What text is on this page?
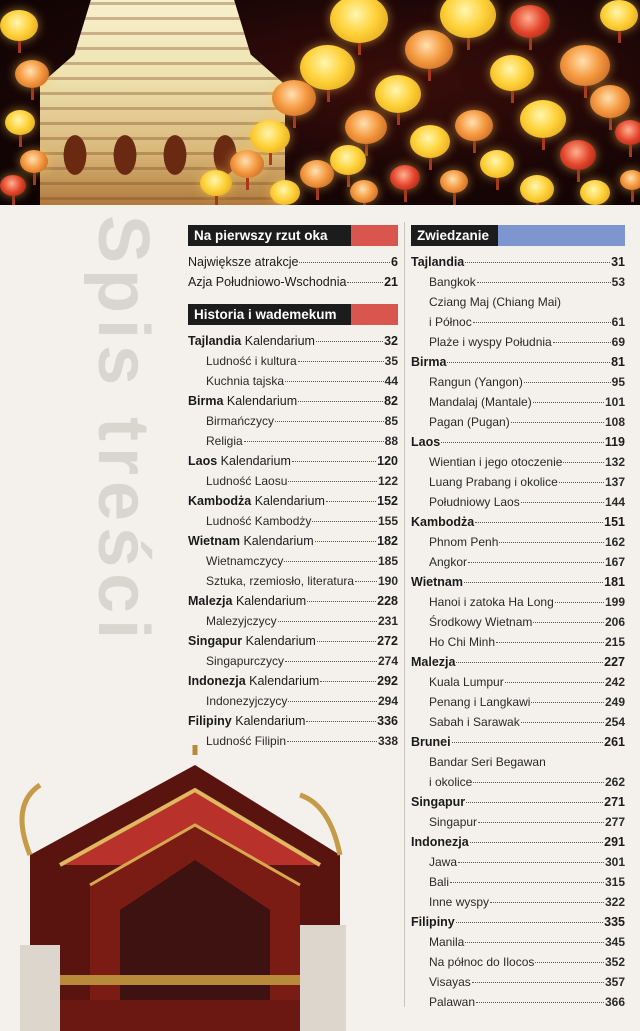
Spis treści	Na pierwszy rzut oka
Największe atrakcje	6
Azja Południowo-Wschodnia	21
Historia i wademekum
Tajlandia Kalendarium	32
Ludność i kultura	35
Kuchnia tajska	44
Birma Kalendarium	82
Birmańczycy	85
Religia	88
Laos Kalendarium	120
Ludność Laosu	122
Kambodża Kalendarium	152
Ludność Kambodży	155
Wietnam Kalendarium	182
Wietnamczycy	185
Sztuka, rzemiosło, literatura 190
Malezja Kalendarium	228
Malezyjczycy	231
Singapur Kalendarium	272
Singapurczycy	274
Indonezja Kalendarium	292
Indonezyjczycy	294
Filipiny Kalendarium	336
Ludność Filipin	338
Zwiedzanie
Tajlandia	31
Bangkok	53
Cziang Maj (Chiang Mai)
i Północ	61
Plaże i wyspy Południa	69
Birma	81
Rangun (Yangon)	95
Mandalaj (Mantale)	101
Pagan (Pugan)	108
Laos	119
Wientian i jego otoczenie	132
Luang Prabang i okolice	137
Południowy Laos	144
Kambodża	151
Phnom Penh	162
Angkor	167
Wietnam	181
Hanoi i zatoka Ha Long	199
Środkowy Wietnam	206
Ho Chi Minh	215
Malezja	227
Kuala Lumpur	242
Penang i Langkawi	249
Sabah i Sarawak	254
Brunei	261
Bandar Seri Begawan
i okolice	262
Singapur	271
Singapur	277
Indonezja	291
Jawa	301
Bali	315
Inne wyspy	322
Filipiny	335
Manila	345
Na północ do Ilocos	352
Visayas	357
Palawan	366
